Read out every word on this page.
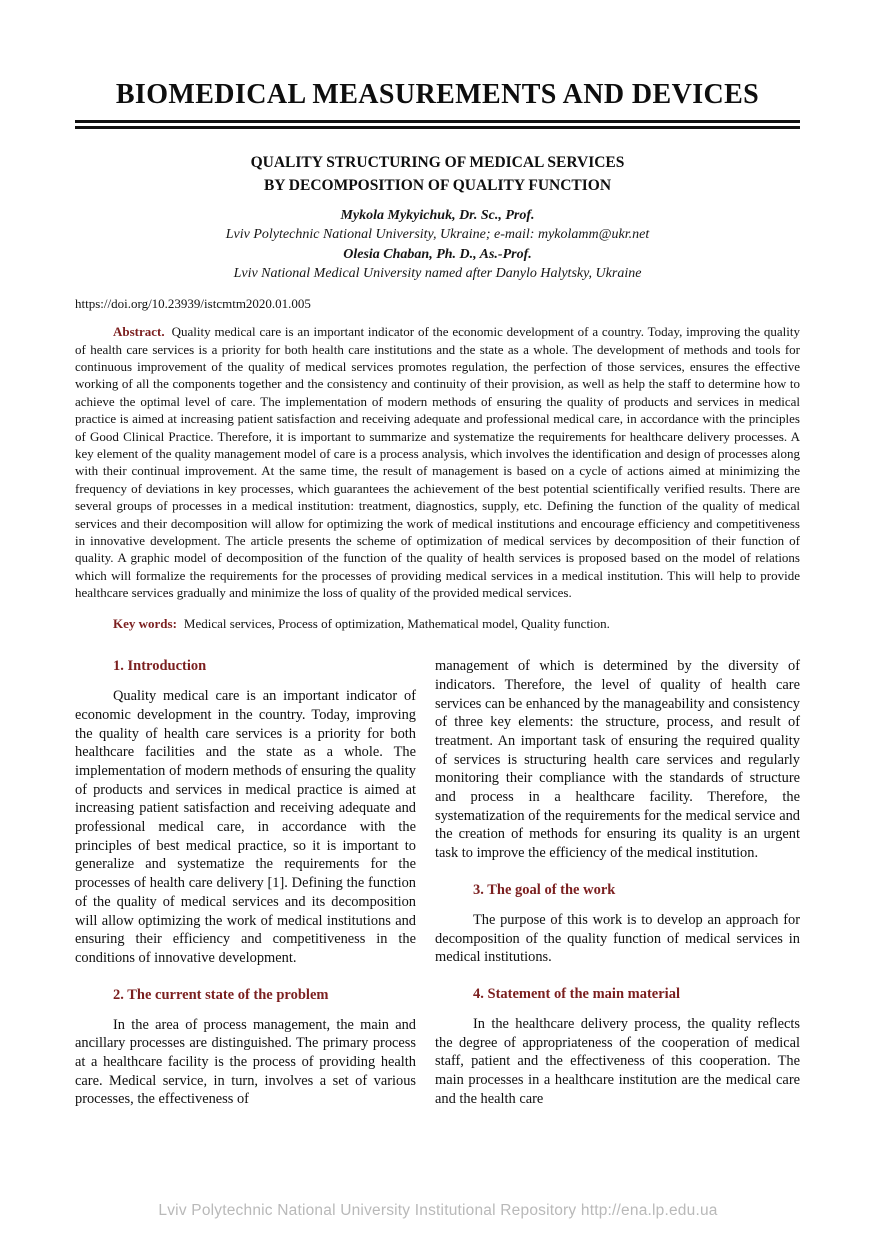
BIOMEDICAL MEASUREMENTS AND DEVICES
QUALITY STRUCTURING OF MEDICAL SERVICES
BY DECOMPOSITION OF QUALITY FUNCTION
Mykola Mykyichuk, Dr. Sc., Prof.
Lviv Polytechnic National University, Ukraine; e-mail: mykolamm@ukr.net
Olesia Chaban, Ph. D., As.-Prof.
Lviv National Medical University named after Danylo Halytsky, Ukraine
https://doi.org/10.23939/istcmtm2020.01.005

Abstract. Quality medical care is an important indicator of the economic development of a country. Today, improving the quality of health care services is a priority for both health care institutions and the state as a whole. The development of methods and tools for continuous improvement of the quality of medical services promotes regulation, the perfection of those services, ensures the effective working of all the components together and the consistency and continuity of their provision, as well as help the staff to determine how to achieve the optimal level of care. The implementation of modern methods of ensuring the quality of products and services in medical practice is aimed at increasing patient satisfaction and receiving adequate and professional medical care, in accordance with the principles of Good Clinical Practice. Therefore, it is important to summarize and systematize the requirements for healthcare delivery processes. A key element of the quality management model of care is a process analysis, which involves the identification and design of processes along with their continual improvement. At the same time, the result of management is based on a cycle of actions aimed at minimizing the frequency of deviations in key processes, which guarantees the achievement of the best potential scientifically verified results. There are several groups of processes in a medical institution: treatment, diagnostics, supply, etc. Defining the function of the quality of medical services and their decomposition will allow for optimizing the work of medical institutions and encourage efficiency and competitiveness in innovative development. The article presents the scheme of optimization of medical services by decomposition of their function of quality. A graphic model of decomposition of the function of the quality of health services is proposed based on the model of relations which will formalize the requirements for the processes of providing medical services in a medical institution. This will help to provide healthcare services gradually and minimize the loss of quality of the provided medical services.

Key words: Medical services, Process of optimization, Mathematical model, Quality function.

1. Introduction

Quality medical care is an important indicator of economic development in the country. Today, improving the quality of health care services is a priority for both healthcare facilities and the state as a whole. The implementation of modern methods of ensuring the quality of products and services in medical practice is aimed at increasing patient satisfaction and receiving adequate and professional medical care, in accordance with the principles of best medical practice, so it is important to generalize and systematize the requirements for the processes of health care delivery [1]. Defining the function of the quality of medical services and its decomposition will allow optimizing the work of medical institutions and ensuring their efficiency and competitiveness in the conditions of innovative development.

2. The current state of the problem

In the area of process management, the main and ancillary processes are distinguished. The primary process at a healthcare facility is the process of providing health care. Medical service, in turn, involves a set of various processes, the effectiveness of

management of which is determined by the diversity of indicators. Therefore, the level of quality of health care services can be enhanced by the manageability and consistency of three key elements: the structure, process, and result of treatment. An important task of ensuring the required quality of services is structuring health care services and regularly monitoring their compliance with the standards of structure and process in a healthcare facility. Therefore, the systematization of the requirements for the medical service and the creation of methods for ensuring its quality is an urgent task to improve the efficiency of the medical institution.

3. The goal of the work

The purpose of this work is to develop an approach for decomposition of the quality function of medical services in medical institutions.

4. Statement of the main material

In the healthcare delivery process, the quality reflects the degree of appropriateness of the cooperation of medical staff, patient and the effectiveness of this cooperation. The main processes in a healthcare institution are the medical care and the health care

Lviv Polytechnic National University Institutional Repository http://ena.lp.edu.ua
